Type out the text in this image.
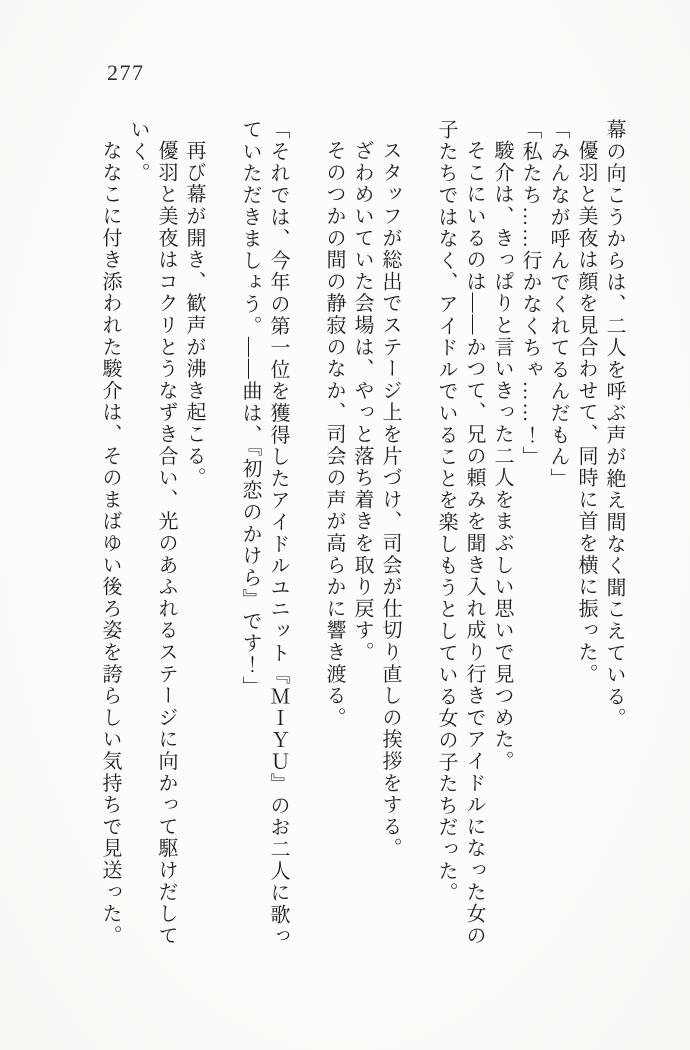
277

幕の向こうからは、二人を呼ぶ声が絶え間なく聞こえている。

優羽と美夜は顔を見合わせて、同時に首を横に振った。

「みんなが呼んでくれてるんだもん」

「私たち……行かなくちゃ……！」

駿介は、きっぱりと言いきった二人をまぶしい思いで見つめた。

そこにいるのは――かつて、兄の頼みを聞き入れ成り行きでアイドルになった女の子たちではなく、アイドルでいることを楽しもうとしている女の子たちだった。

スタッフが総出でステージ上を片づけ、司会が仕切り直しの挨拶をする。

ざわめいていた会場は、やっと落ち着きを取り戻す。

そのつかの間の静寂のなか、司会の声が高らかに響き渡る。

「それでは、今年の第一位を獲得したアイドルユニット『ＭＩＹＵ』のお二人に歌っていただきましょう。――曲は、『初恋のかけら』です！」

再び幕が開き、歓声が沸き起こる。

優羽と美夜はコクリとうなずき合い、光のあふれるステージに向かって駆けだしていく。

ななこに付き添われた駿介は、そのまばゆい後ろ姿を誇らしい気持ちで見送った。
